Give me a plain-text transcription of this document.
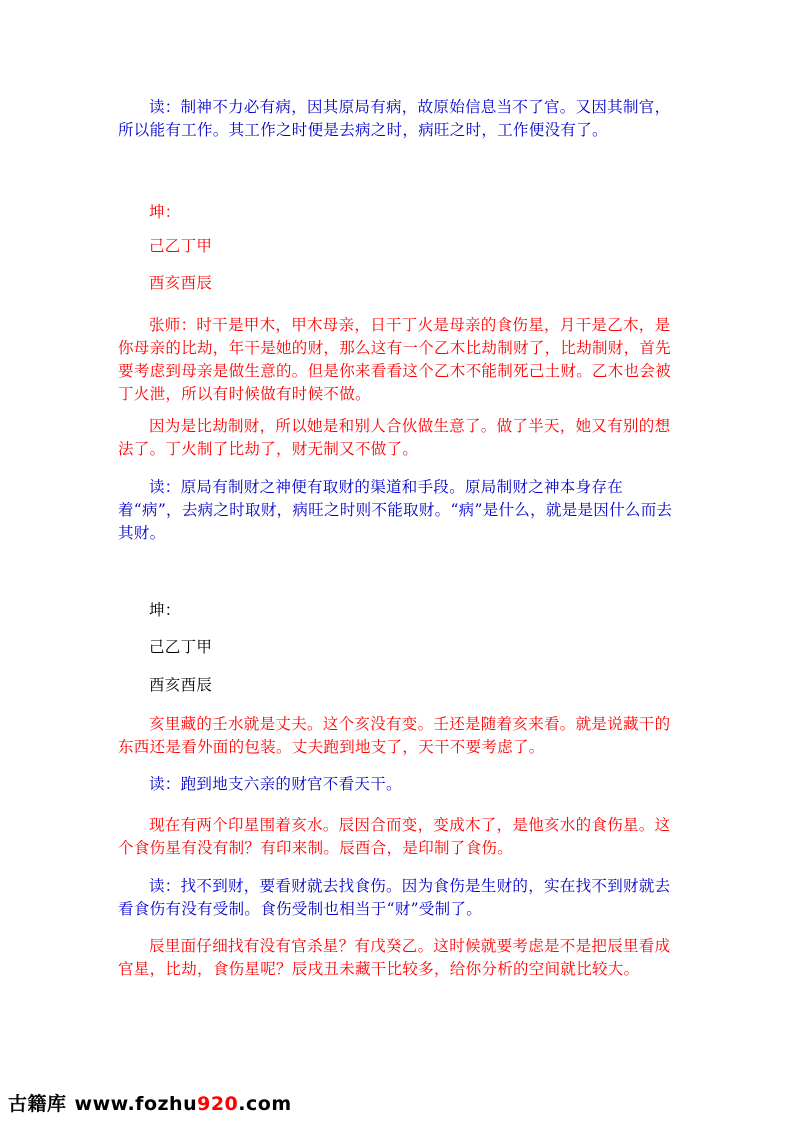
读：制神不力必有病，因其原局有病，故原始信息当不了官。又因其制官，所以能有工作。其工作之时便是去病之时，病旺之时，工作便没有了。

坤：

己乙丁甲

酉亥酉辰

张师：时干是甲木，甲木母亲，日干丁火是母亲的食伤星，月干是乙木，是你母亲的比劫，年干是她的财，那么这有一个乙木比劫制财了，比劫制财，首先要考虑到母亲是做生意的。但是你来看看这个乙木不能制死己土财。乙木也会被丁火泄，所以有时候做有时候不做。

因为是比劫制财，所以她是和别人合伙做生意了。做了半天，她又有别的想法了。丁火制了比劫了，财无制又不做了。

读：原局有制财之神便有取财的渠道和手段。原局制财之神本身存在着“病”，去病之时取财，病旺之时则不能取财。“病”是什么，就是是因什么而去其财。

坤：

己乙丁甲

酉亥酉辰

亥里藏的壬水就是丈夫。这个亥没有变。壬还是随着亥来看。就是说藏干的东西还是看外面的包装。丈夫跑到地支了，天干不要考虑了。

读：跑到地支六亲的财官不看天干。

现在有两个印星围着亥水。辰因合而变，变成木了，是他亥水的食伤星。这个食伤星有没有制？有印来制。辰酉合，是印制了食伤。

读：找不到财，要看财就去找食伤。因为食伤是生财的，实在找不到财就去看食伤有没有受制。食伤受制也相当于“财”受制了。

辰里面仔细找有没有官杀星？有戊癸乙。这时候就要考虑是不是把辰里看成官星，比劫，食伤星呢？辰戌丑未藏干比较多，给你分析的空间就比较大。

古籍库 www.fozhu920.com
